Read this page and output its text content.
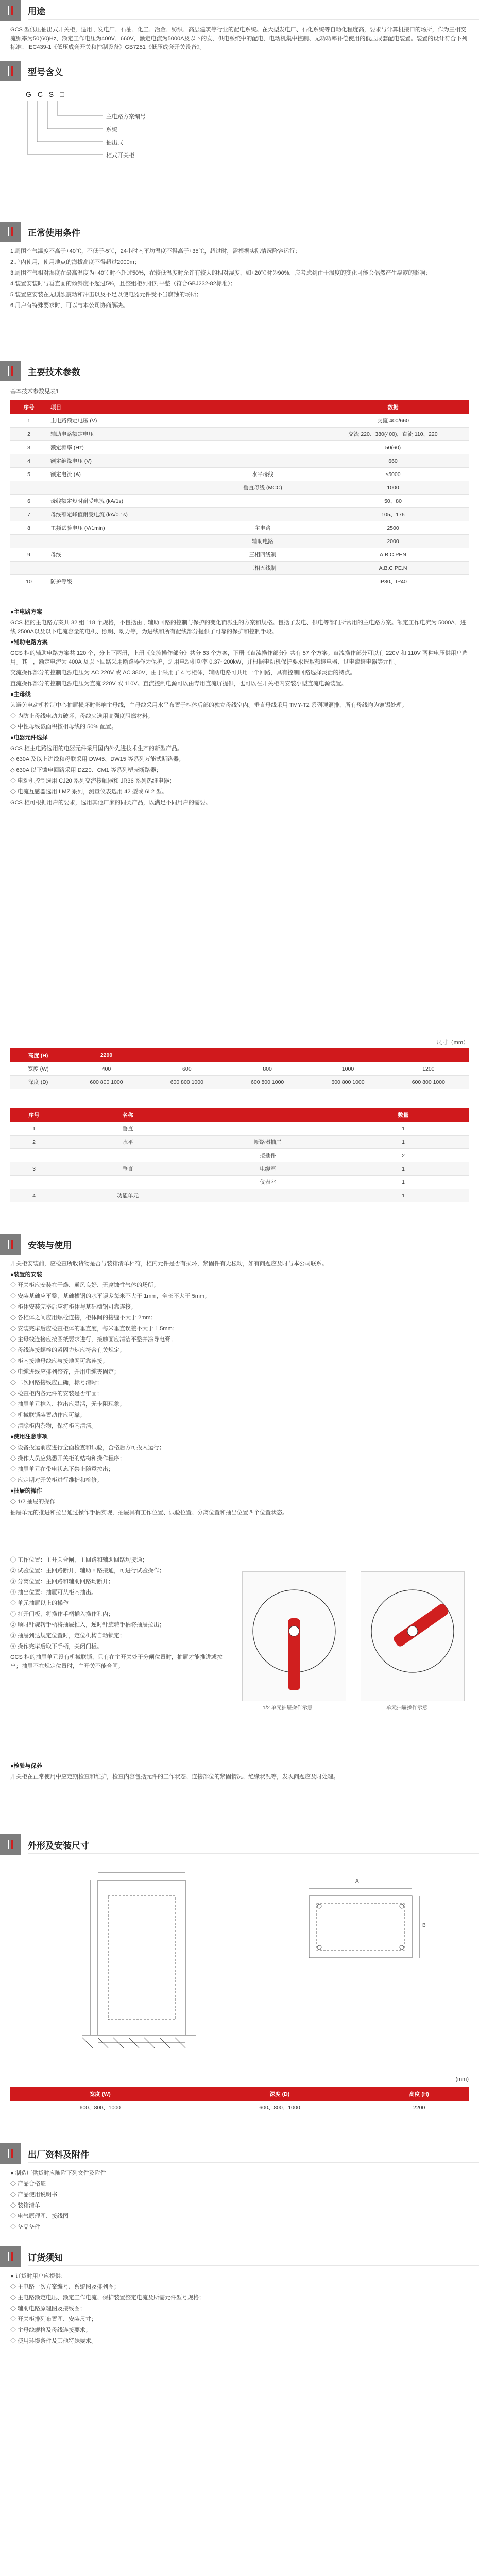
用途

GCS 型低压抽出式开关柜，适用于发电厂、石油、化工、冶金、纺织、高层建筑等行业的配电系统。在大型发电厂、石化系统等自动化程度高，要求与计算机接口的场所，作为三相交流频率为50(60)Hz、额定工作电压为400V、660V，额定电流为5000A及以下的发、供电系统中的配电、电动机集中控制、无功功率补偿使用的低压成套配电装置。装置的设计符合下列标准：IEC439-1《低压成套开关和控制设备》GB7251《低压成套开关设备》。

型号含义
G C S □
主电路方案编号
系统
抽出式
柜式开关柜
正常使用条件

1.周围空气温度不高于+40℃，不低于-5℃，24小时内平均温度不得高于+35℃，超过时，需根据实际情况降容运行；

2.户内使用，使用地点的海拔高度不得超过2000m；

3.周围空气相对湿度在最高温度为+40℃时不超过50%，在较低温度时允许有较大的相对湿度，如+20℃时为90%，应考虑到由于温度的变化可能会偶然产生凝露的影响；

4.装置安装时与垂直面的倾斜度不超过5%，且整组柜列相对平整（符合GBJ232-82标准）；

5.装置应安装在无剧烈震动和冲击以及不足以使电器元件受不当腐蚀的场所；

6.用户有特殊要求时，可以与本公司协商解决。

主要技术参数
基本技术参数见表1
序号	项目		数据
1	主电路额定电压 (V)		交流 400/660
2	辅助电路额定电压		交流 220、380(400)，直流 110、220
3	额定频率 (Hz)		50(60)
4	额定绝缘电压 (V)		660
5	额定电流 (A)	水平母线	≤5000
		垂直母线 (MCC)	1000
6	母线额定短时耐受电流 (kA/1s)		50、80
7	母线额定峰值耐受电流 (kA/0.1s)		105、176
8	工频试验电压 (V/1min)	主电路	2500
		辅助电路	2000
9	母线	三相四线制	A.B.C.PEN
		三相五线制	A.B.C.PE.N
10	防护等级		IP30、IP40

●主电路方案

GCS 柜的主电路方案共 32 组 118 个规格，不包括由于辅助回路的控制与保护的变化而派生的方案和规格。包括了发电、供电等部门所常用的主电路方案。额定工作电流为 5000A、进线 2500A以及以下电流容量的电机、照明、动力等，为进线和所有配线部分提供了可靠的保护和控制手段。

●辅助电路方案

GCS 柜的辅助电路方案共 120 个，分上下两册，上册《交流操作部分》共分 63 个方案，下册《直流操作部分》共有 57 个方案。直流操作部分可以有 220V 和 110V 两种电压供用户选用。其中，额定电流为 400A 及以下回路采用断路器作为保护，适用电动机功率 0.37~200kW，并根据电动机保护要求选取热继电器、过电流继电器等元件。

交流操作部分的控制电源电压为 AC 220V 或 AC 380V，由于采用了 4 号柜体，辅助电路可共用一个回路，具有控制回路选择灵活的特点。

直流操作部分的控制电源电压为直流 220V 或 110V。直流控制电源可以由专用直流屏提供，也可以在开关柜内安装小型直流电源装置。

●主母线

为避免电动机控制中心抽屉损坏时影响主母线，主母线采用水平布置于柜体后部的独立母线室内。垂直母线采用 TMY-T2 系列硬铜排，所有母线均为镀锡处理。

◇ 为防止母线电动力破坏，母线夹选用高强度阻燃材料；

◇ 中性母线截面积按相母线的 50% 配置。

●电器元件选择

GCS 柜主电路选用的电器元件采用国内外先进技术生产的新型产品。

◇ 630A 及以上进线和母联采用 DW45、DW15 等系列万能式断路器；

◇ 630A 以下馈电回路采用 DZ20、CM1 等系列塑壳断路器；

◇ 电动机控制选用 CJ20 系列交流接触器和 JR36 系列热继电器；

◇ 电流互感器选用 LMZ 系列，测量仪表选用 42 型或 6L2 型。

GCS 柜可根据用户的要求，选用其他厂家的同类产品，以满足不同用户的需要。

尺寸（mm）
高度 (H)	2200				
宽度 (W)	400	600	800	1000	1200
深度 (D)	600 800 1000	600 800 1000	600 800 1000	600 800 1000	600 800 1000
序号	名称		数量
1	垂直		1
2	水平	断路器抽屉	1
		接插件	2
3	垂直	电缆室	1
		仪表室	1
4	功能单元		1
安装与使用

开关柜安装前，应检查所收货物是否与装箱清单相符，柜内元件是否有损坏，紧固件有无松动，如有问题应及时与本公司联系。

●装置的安装

◇ 开关柜应安装在干燥、通风良好、无腐蚀性气体的场所；

◇ 安装基础应平整，基础槽钢的水平误差每米不大于 1mm，全长不大于 5mm；

◇ 柜体安装完毕后应将柜体与基础槽钢可靠连接；

◇ 各柜体之间应用螺栓连接，柜体间的接缝不大于 2mm；

◇ 安装完毕后应检查柜体的垂直度，每米垂直误差不大于 1.5mm；

◇ 主母线连接应按图纸要求进行，接触面应清洁平整并涂导电膏；

◇ 母线连接螺栓的紧固力矩应符合有关规定；

◇ 柜内接地母线应与接地网可靠连接；

◇ 电缆进线应排列整齐，并用电缆夹固定；

◇ 二次回路接线应正确，标号清晰；

◇ 检查柜内各元件的安装是否牢固；

◇ 抽屉单元推入、拉出应灵活，无卡阻现象；

◇ 机械联锁装置动作应可靠；

◇ 清除柜内杂物，保持柜内清洁。

●使用注意事项

◇ 设备投运前应进行全面检查和试验，合格后方可投入运行；

◇ 操作人员应熟悉开关柜的结构和操作程序；

◇ 抽屉单元在带电状态下禁止随意拉出；

◇ 应定期对开关柜进行维护和检修。

●抽屉的操作

◇ 1/2 抽屉的操作

抽屉单元的推进和拉出通过操作手柄实现，抽屉具有工作位置、试验位置、分离位置和抽出位置四个位置状态。

① 工作位置：主开关合闸，主回路和辅助回路均接通；

② 试验位置：主回路断开，辅助回路接通，可进行试验操作；

③ 分离位置：主回路和辅助回路均断开；

④ 抽出位置：抽屉可从柜内抽出。

◇ 单元抽屉以上的操作

① 打开门板，将操作手柄插入操作孔内；

② 顺时针旋转手柄将抽屉推入，逆时针旋转手柄将抽屉拉出；

③ 抽屉到达规定位置时，定位机构自动锁定；

④ 操作完毕后取下手柄，关闭门板。

GCS 柜的抽屉单元设有机械联锁，只有在主开关处于分闸位置时，抽屉才能推进或拉出；抽屉不在规定位置时，主开关不能合闸。

1/2 单元抽屉操作示意	单元抽屉操作示意

●检验与保养

开关柜在正常使用中应定期检查和维护，检查内容包括元件的工作状态、连接部位的紧固情况、绝缘状况等，发现问题应及时处理。

外形及安装尺寸
A
B
(mm)
宽度 (W)	深度 (D)	高度 (H)
600、800、1000	600、800、1000	2200
出厂资料及附件

● 制造厂供货时应随附下列文件及附件

◇ 产品合格证

◇ 产品使用说明书

◇ 装箱清单

◇ 电气原理图、接线图

◇ 备品备件

订货须知

● 订货时用户应提供：

◇ 主电路一次方案编号、系统图及排列图；

◇ 主电路额定电压、额定工作电流、保护装置整定电流及所需元件型号规格；

◇ 辅助电路原理图及接线图；

◇ 开关柜排列布置图、安装尺寸；

◇ 主母线规格及母线连接要求；

◇ 使用环境条件及其他特殊要求。
